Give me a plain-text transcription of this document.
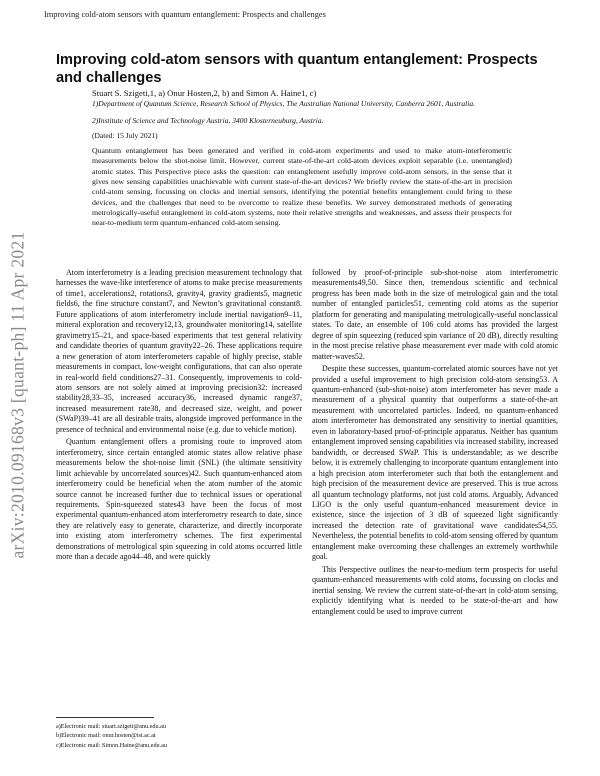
Improving cold-atom sensors with quantum entanglement: Prospects and challenges
arXiv:2010.09168v3 [quant-ph] 11 Apr 2021
Improving cold-atom sensors with quantum entanglement: Prospects and challenges
Stuart S. Szigeti,1, a) Onur Hosten,2, b) and Simon A. Haine1, c)
1)Department of Quantum Science, Research School of Physics, The Australian National University, Canberra 2601, Australia.
2)Institute of Science and Technology Austria, 3400 Klosterneuburg, Austria.
(Dated: 15 July 2021)

Quantum entanglement has been generated and verified in cold-atom experiments and used to make atom-interferometric measurements below the shot-noise limit. However, current state-of-the-art cold-atom devices exploit separable (i.e. unentangled) atomic states. This Perspective piece asks the question: can entanglement usefully improve cold-atom sensors, in the sense that it gives new sensing capabilities unachievable with current state-of-the-art devices? We briefly review the state-of-the-art in precision cold-atom sensing, focussing on clocks and inertial sensors, identifying the potential benefits entanglement could bring to these devices, and the challenges that need to be overcome to realize these benefits. We survey demonstrated methods of generating metrologically-useful entanglement in cold-atom systems, note their relative strengths and weaknesses, and assess their prospects for near-to-medium term quantum-enhanced cold-atom sensing.

Atom interferometry is a leading precision measurement technology that harnesses the wave-like interference of atoms to make precise measurements of time1, accelerations2, rotations3, gravity4, gravity gradients5, magnetic fields6, the fine structure constant7, and Newton’s gravitational constant8. Future applications of atom interferometry include inertial navigation9–11, mineral exploration and recovery12,13, groundwater monitoring14, satellite gravimetry15–21, and space-based experiments that test general relativity and candidate theories of quantum gravity22–26. These applications require a new generation of atom interferometers capable of highly precise, stable measurements in compact, low-weight configurations, that can also operate in real-world field conditions27–31. Consequently, improvements to cold-atom sensors are not solely aimed at improving precision32: increased stability28,33–35, increased accuracy36, increased dynamic range37, increased measurement rate38, and decreased size, weight, and power (SWaP)39–41 are all desirable traits, alongside improved performance in the presence of technical and environmental noise (e.g. due to vehicle motion).

Quantum entanglement offers a promising route to improved atom interferometry, since certain entangled atomic states allow relative phase measurements below the shot-noise limit (SNL) (the ultimate sensitivity limit achievable by uncorrelated sources)42. Such quantum-enhanced atom interferometry could be beneficial when the atom number of the atomic source cannot be increased further due to technical issues or operational requirements. Spin-squeezed states43 have been the focus of most experimental quantum-enhanced atom interferometry research to date, since they are relatively easy to generate, characterize, and directly incorporate into existing atom interferometry schemes. The first experimental demonstrations of metrological spin squeezing in cold atoms occurred little more than a decade ago44–48, and were quickly

followed by proof-of-principle sub-shot-noise atom interferometric measurements49,50. Since then, tremendous scientific and technical progress has been made both in the size of metrological gain and the total number of entangled particles51, cementing cold atoms as the superior platform for generating and manipulating metrologically-useful nonclassical states. To date, an ensemble of 106 cold atoms has provided the largest degree of spin squeezing (reduced spin variance of 20 dB), directly resulting in the most precise relative phase measurement ever made with cold atomic matter-waves52.

Despite these successes, quantum-correlated atomic sources have not yet provided a useful improvement to high precision cold-atom sensing53. A quantum-enhanced (sub-shot-noise) atom interferometer has never made a measurement of a physical quantity that outperforms a state-of-the-art measurement with uncorrelated particles. Indeed, no quantum-enhanced atom interferometer has demonstrated any sensitivity to inertial quantities, even in laboratory-based proof-of-principle apparatus. Neither has quantum entanglement improved sensing capabilities via increased stability, increased bandwidth, or decreased SWaP. This is understandable; as we describe below, it is extremely challenging to incorporate quantum entanglement into a high precision atom interferometer such that both the entanglement and high precision of the measurement device are preserved. This is true across all quantum technology platforms, not just cold atoms. Arguably, Advanced LIGO is the only useful quantum-enhanced measurement device in existence, since the injection of 3 dB of squeezed light significantly increased the detection rate of gravitational wave candidates54,55. Nevertheless, the potential benefits to cold-atom sensing offered by quantum entanglement make overcoming these challenges an extremely worthwhile goal.

This Perspective outlines the near-to-medium term prospects for useful quantum-enhanced measurements with cold atoms, focussing on clocks and inertial sensing. We review the current state-of-the-art in cold-atom sensing, explicitly identifying what is needed to be state-of-the-art and how entanglement could be used to improve current

a)Electronic mail: stuart.szigeti@anu.edu.au
b)Electronic mail: onur.hosten@ist.ac.at
c)Electronic mail: Simon.Haine@anu.edu.au
